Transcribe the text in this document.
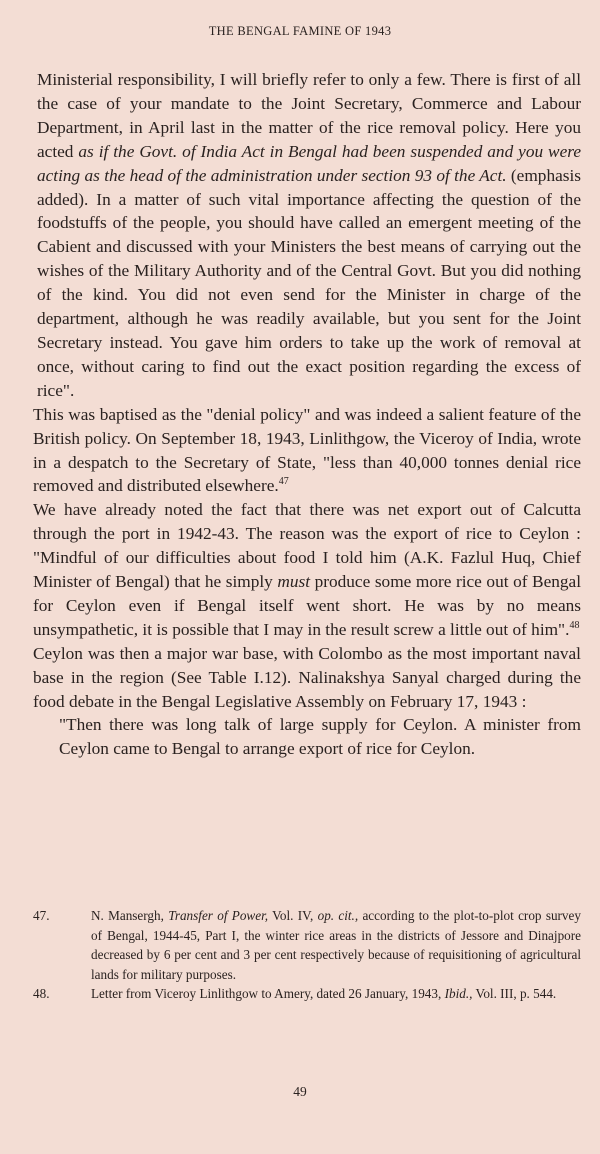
THE BENGAL FAMINE OF 1943

Ministerial responsibility, I will briefly refer to only a few. There is first of all the case of your mandate to the Joint Secretary, Commerce and Labour Department, in April last in the matter of the rice removal policy. Here you acted as if the Govt. of India Act in Bengal had been suspended and you were acting as the head of the administration under section 93 of the Act. (emphasis added). In a matter of such vital importance affecting the question of the foodstuffs of the people, you should have called an emergent meeting of the Cabient and discussed with your Ministers the best means of carrying out the wishes of the Military Authority and of the Central Govt. But you did nothing of the kind. You did not even send for the Minister in charge of the department, although he was readily available, but you sent for the Joint Secretary instead. You gave him orders to take up the work of removal at once, without caring to find out the exact position regarding the excess of rice".

This was baptised as the "denial policy" and was indeed a salient feature of the British policy. On September 18, 1943, Linlithgow, the Viceroy of India, wrote in a despatch to the Secretary of State, "less than 40,000 tonnes denial rice removed and distributed elsewhere.$^{47}$

We have already noted the fact that there was net export out of Calcutta through the port in 1942-43. The reason was the export of rice to Ceylon : "Mindful of our difficulties about food I told him (A.K. Fazlul Huq, Chief Minister of Bengal) that he simply must produce some more rice out of Bengal for Ceylon even if Bengal itself went short. He was by no means unsympathetic, it is possible that I may in the result screw a little out of him".$^{48}$

Ceylon was then a major war base, with Colombo as the most important naval base in the region (See Table I.12). Nalinakshya Sanyal charged during the food debate in the Bengal Legislative Assembly on February 17, 1943 :

"Then there was long talk of large supply for Ceylon. A minister from Ceylon came to Bengal to arrange export of rice for Ceylon.

47.	N. Mansergh, Transfer of Power, Vol. IV, op. cit., according to the plot-to-plot crop survey of Bengal, 1944-45, Part I, the winter rice areas in the districts of Jessore and Dinajpore decreased by 6 per cent and 3 per cent respectively because of requisitioning of agricultural lands for military purposes.
48.	Letter from Viceroy Linlithgow to Amery, dated 26 January, 1943, Ibid., Vol. III, p. 544.
49
